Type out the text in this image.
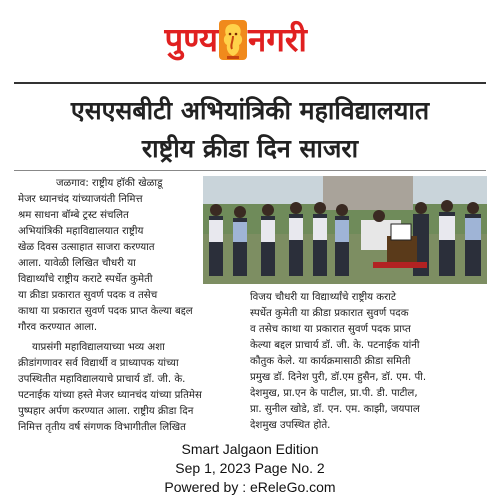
पुण्य नगरी
एसएसबीटी अभियांत्रिकी महाविद्यालयात
राष्ट्रीय क्रीडा दिन साजरा

जळगाव: राष्ट्रीय हॉकी खेळाडू

मेजर ध्यानचंद यांच्याजयंती निमित्त

श्रम साधना बॉम्बे ट्रस्ट संचलित

अभियांत्रिकी महाविद्यालयात राष्ट्रीय

खेळ दिवस उत्साहात साजरा करण्यात

आला. यावेळी लिखित चौधरी या

विद्यार्थ्यांचे राष्ट्रीय कराटे स्पर्धेत कुमेती

या क्रीडा प्रकारात सुवर्ण पदक व तसेच

काथा या प्रकारात सुवर्ण पदक प्राप्त केल्या बद्दल

गौरव करण्यात आला.

याप्रसंगी महाविद्यालयाच्या भव्य अशा

क्रीडांगणावर सर्व विद्यार्थी व प्राध्यापक यांच्या

उपस्थितीत महाविद्यालयाचे प्राचार्य डॉ. जी. के.

पटनाईक यांच्या हस्ते मेजर ध्यानचंद यांच्या प्रतिमेस

पुष्पहार अर्पण करण्यात आला. राष्ट्रीय क्रीडा दिन

निमित्त तृतीय वर्ष संगणक विभागीतील लिखित

विजय चौधरी या विद्यार्थ्यांचे राष्ट्रीय कराटे

स्पर्धेत कुमेती या क्रीडा प्रकारात सुवर्ण पदक

व तसेच काथा या प्रकारात सुवर्ण पदक प्राप्त

केल्या बद्दल प्राचार्य डॉ. जी. के. पटनाईक यांनी

कौतुक केले. या कार्यक्रमासाठी क्रीडा समिती

प्रमुख डॉ. दिनेश पुरी, डॉ.एम हुसैन, डॉ. एम. पी.

देशमुख, प्रा.एन के पाटील, प्रा.पी. डी. पाटील,

प्रा. सुनील खोडे, डॉ. एन. एम. काझी, जयपाल

देशमुख उपस्थित होते.

Smart Jalgaon Edition
Sep 1, 2023 Page No. 2
Powered by : eReleGo.com
